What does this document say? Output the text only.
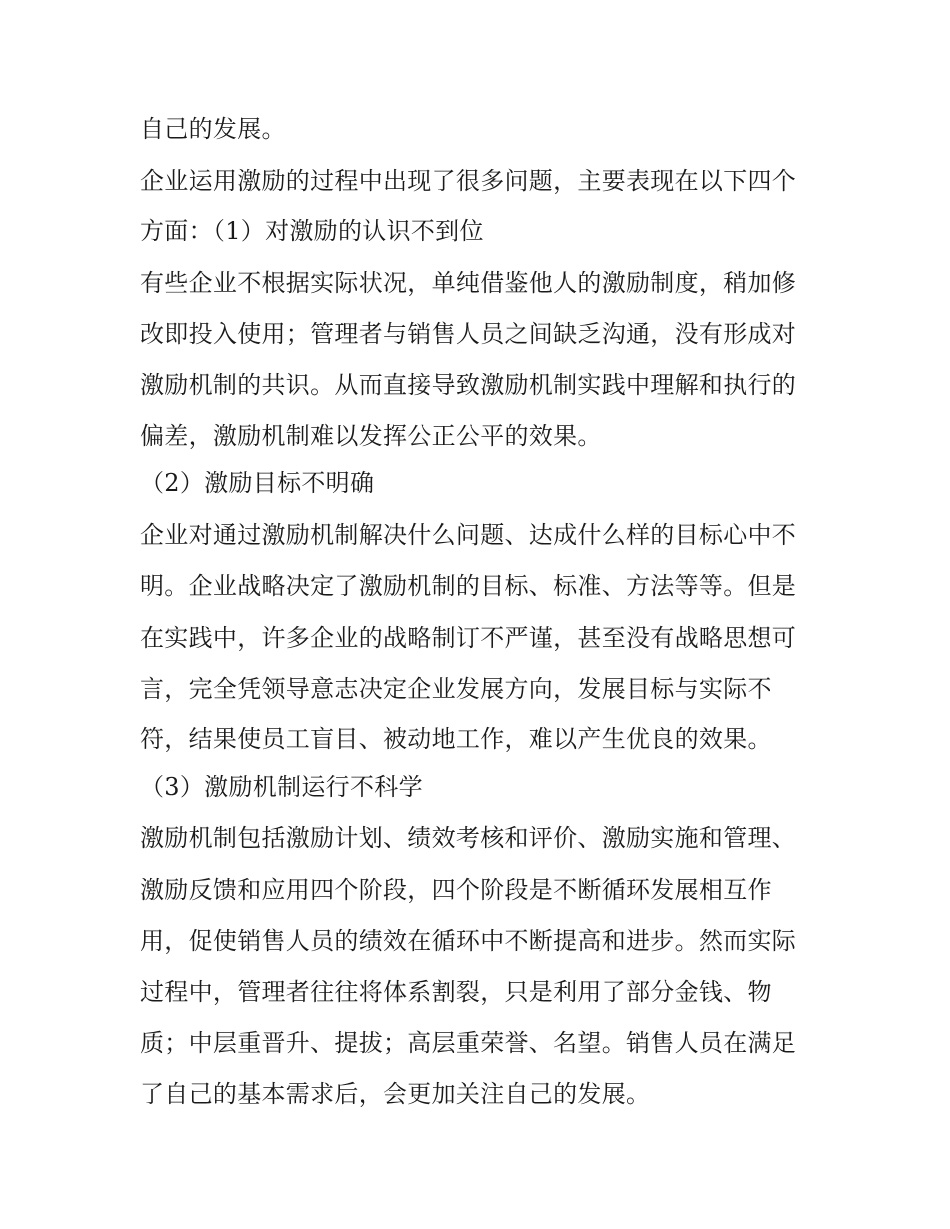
自己的发展。
企业运用激励的过程中出现了很多问题，主要表现在以下四个
方面：（1）对激励的认识不到位
有些企业不根据实际状况，单纯借鉴他人的激励制度，稍加修
改即投入使用；管理者与销售人员之间缺乏沟通，没有形成对
激励机制的共识。从而直接导致激励机制实践中理解和执行的
偏差，激励机制难以发挥公正公平的效果。
（2）激励目标不明确
企业对通过激励机制解决什么问题、达成什么样的目标心中不
明。企业战略决定了激励机制的目标、标准、方法等等。但是
在实践中，许多企业的战略制订不严谨，甚至没有战略思想可
言，完全凭领导意志决定企业发展方向，发展目标与实际不
符，结果使员工盲目、被动地工作，难以产生优良的效果。
（3）激励机制运行不科学
激励机制包括激励计划、绩效考核和评价、激励实施和管理、
激励反馈和应用四个阶段，四个阶段是不断循环发展相互作
用，促使销售人员的绩效在循环中不断提高和进步。然而实际
过程中，管理者往往将体系割裂，只是利用了部分金钱、物
质；中层重晋升、提拔；高层重荣誉、名望。销售人员在满足
了自己的基本需求后，会更加关注自己的发展。
